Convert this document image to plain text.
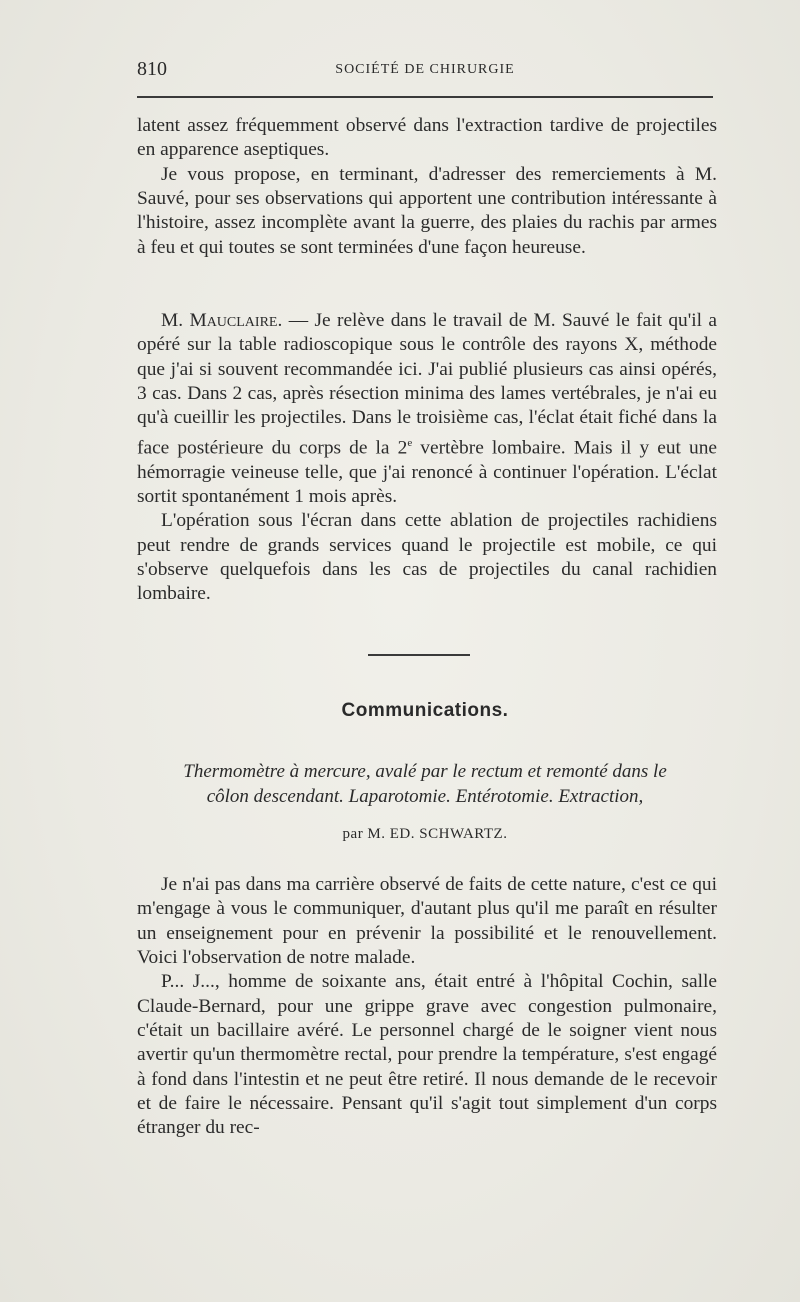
810	SOCIÉTÉ DE CHIRURGIE

latent assez fréquemment observé dans l'extraction tardive de projectiles en apparence aseptiques.

Je vous propose, en terminant, d'adresser des remerciements à M. Sauvé, pour ses observations qui apportent une contribution intéressante à l'histoire, assez incomplète avant la guerre, des plaies du rachis par armes à feu et qui toutes se sont terminées d'une façon heureuse.

M. Mauclaire. — Je relève dans le travail de M. Sauvé le fait qu'il a opéré sur la table radioscopique sous le contrôle des rayons X, méthode que j'ai si souvent recommandée ici. J'ai publié plusieurs cas ainsi opérés, 3 cas. Dans 2 cas, après résection minima des lames vertébrales, je n'ai eu qu'à cueillir les projectiles. Dans le troisième cas, l'éclat était fiché dans la face postérieure du corps de la 2e vertèbre lombaire. Mais il y eut une hémorragie veineuse telle, que j'ai renoncé à continuer l'opération. L'éclat sortit spontanément 1 mois après.

L'opération sous l'écran dans cette ablation de projectiles rachidiens peut rendre de grands services quand le projectile est mobile, ce qui s'observe quelquefois dans les cas de projectiles du canal rachidien lombaire.

Communications.
Thermomètre à mercure, avalé par le rectum et remonté dans le
côlon descendant. Laparotomie. Entérotomie. Extraction,
par M. ED. SCHWARTZ.

Je n'ai pas dans ma carrière observé de faits de cette nature, c'est ce qui m'engage à vous le communiquer, d'autant plus qu'il me paraît en résulter un enseignement pour en prévenir la possibilité et le renouvellement. Voici l'observation de notre malade.

P... J..., homme de soixante ans, était entré à l'hôpital Cochin, salle Claude-Bernard, pour une grippe grave avec congestion pulmonaire, c'était un bacillaire avéré. Le personnel chargé de le soigner vient nous avertir qu'un thermomètre rectal, pour prendre la température, s'est engagé à fond dans l'intestin et ne peut être retiré. Il nous demande de le recevoir et de faire le nécessaire. Pensant qu'il s'agit tout simplement d'un corps étranger du rec-
